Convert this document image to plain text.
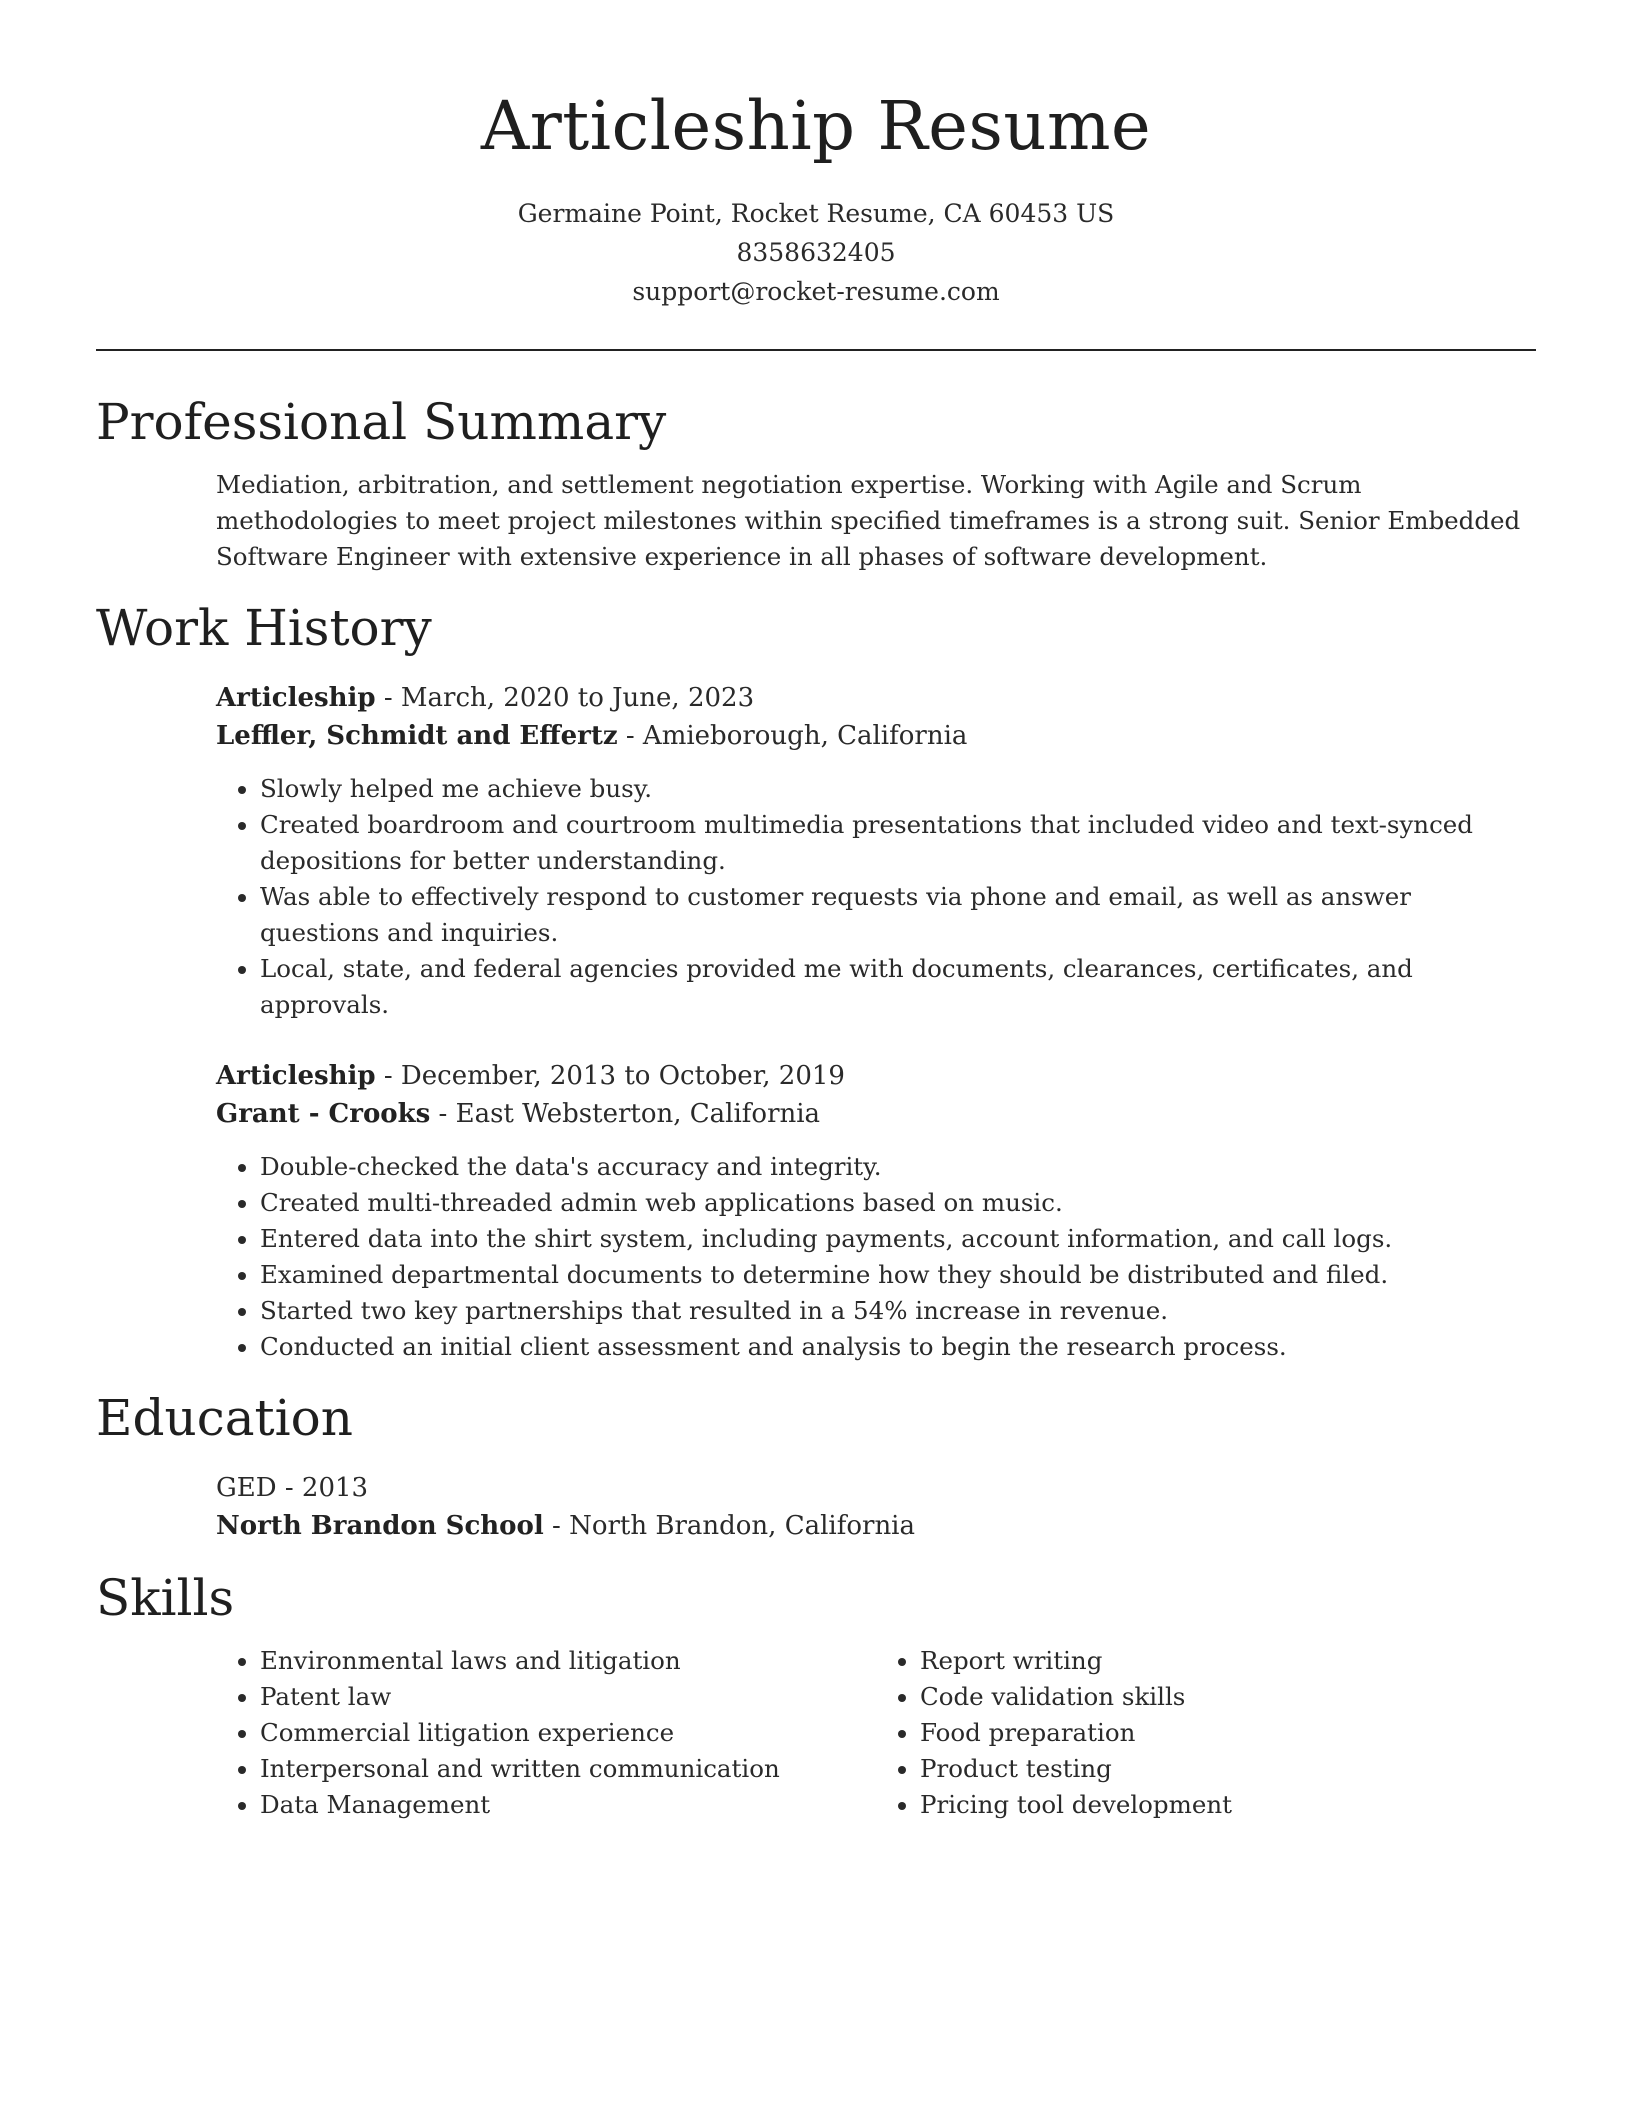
Articleship Resume
Germaine Point, Rocket Resume, CA 60453 US
8358632405
support@rocket-resume.com
Professional Summary
Mediation, arbitration, and settlement negotiation expertise. Working with Agile and Scrum methodologies to meet project milestones within specified timeframes is a strong suit. Senior Embedded Software Engineer with extensive experience in all phases of software development.
Work History
Articleship - March, 2020 to June, 2023
Leffler, Schmidt and Effertz - Amieborough, California
• Slowly helped me achieve busy.
• Created boardroom and courtroom multimedia presentations that included video and text-synced depositions for better understanding.
• Was able to effectively respond to customer requests via phone and email, as well as answer questions and inquiries.
• Local, state, and federal agencies provided me with documents, clearances, certificates, and approvals.
Articleship - December, 2013 to October, 2019
Grant - Crooks - East Websterton, California
• Double-checked the data's accuracy and integrity.
• Created multi-threaded admin web applications based on music.
• Entered data into the shirt system, including payments, account information, and call logs.
• Examined departmental documents to determine how they should be distributed and filed.
• Started two key partnerships that resulted in a 54% increase in revenue.
• Conducted an initial client assessment and analysis to begin the research process.
Education
GED - 2013
North Brandon School - North Brandon, California
Skills
• Environmental laws and litigation
• Patent law
• Commercial litigation experience
• Interpersonal and written communication
• Data Management
• Report writing
• Code validation skills
• Food preparation
• Product testing
• Pricing tool development
